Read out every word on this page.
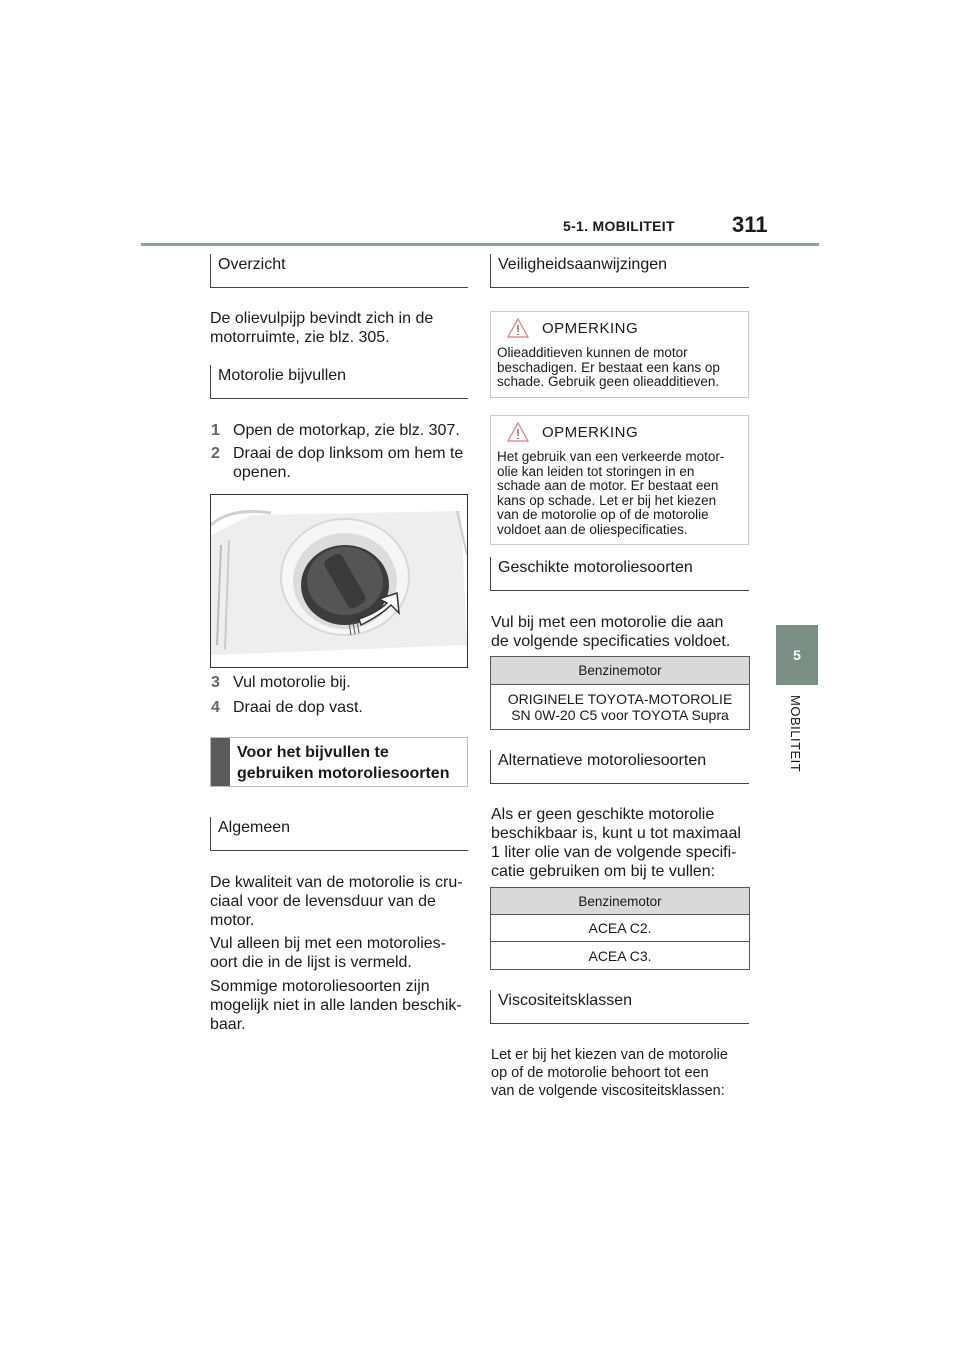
5-1. MOBILITEIT	311
5
MOBILITEIT
Overzicht
De olievulpijp bevindt zich in de
motorruimte, zie blz. 305.
Motorolie bijvullen
1 Open de motorkap, zie blz. 307.
2 Draai de dop linksom om hem te
openen.
3 Vul motorolie bij.
4 Draai de dop vast.
Voor het bijvullen te
gebruiken motoroliesoorten
Algemeen
De kwaliteit van de motorolie is cru-
ciaal voor de levensduur van de
motor.
Vul alleen bij met een motorolies-
oort die in de lijst is vermeld.
Sommige motoroliesoorten zijn
mogelijk niet in alle landen beschik-
baar.
Veiligheidsaanwijzingen
OPMERKING
Olieadditieven kunnen de motor
beschadigen. Er bestaat een kans op
schade. Gebruik geen olieadditieven.
OPMERKING
Het gebruik van een verkeerde motor-
olie kan leiden tot storingen in en
schade aan de motor. Er bestaat een
kans op schade. Let er bij het kiezen
van de motorolie op of de motorolie
voldoet aan de oliespecificaties.
Geschikte motoroliesoorten
Vul bij met een motorolie die aan
de volgende specificaties voldoet.
Benzinemotor

ORIGINELE TOYOTA-MOTOROLIE
SN 0W-20 C5 voor TOYOTA Supra
Alternatieve motoroliesoorten
Als er geen geschikte motorolie
beschikbaar is, kunt u tot maximaal
1 liter olie van de volgende specifi-
catie gebruiken om bij te vullen:
Benzinemotor
ACEA C2.
ACEA C3.
Viscositeitsklassen
Let er bij het kiezen van de motorolie
op of de motorolie behoort tot een
van de volgende viscositeitsklassen:
